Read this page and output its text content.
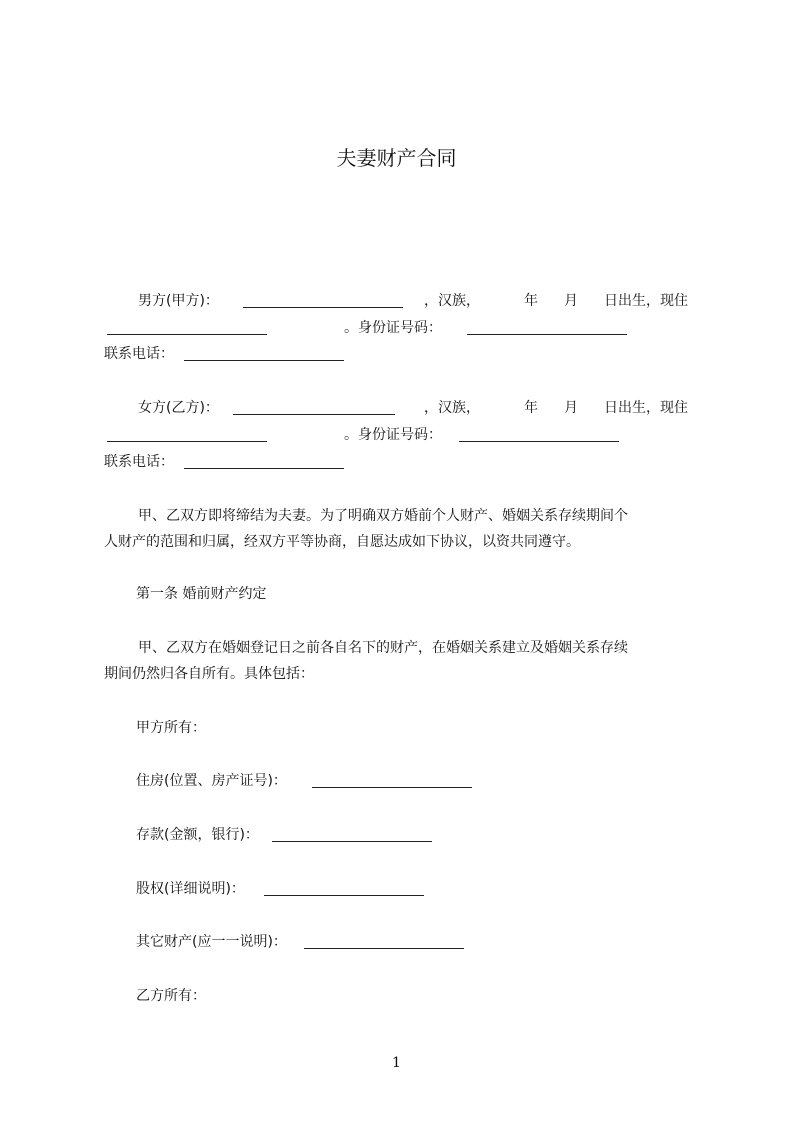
夫妻财产合同
男方(甲方)：	，汉族，	年 月 日出生，现住
。身份证号码：
联系电话：
女方(乙方)：	，汉族，	年 月 日出生，现住
。身份证号码：
联系电话：
甲、乙双方即将缔结为夫妻。为了明确双方婚前个人财产、婚姻关系存续期间个
人财产的范围和归属，经双方平等协商，自愿达成如下协议，以资共同遵守。
第一条 婚前财产约定
甲、乙双方在婚姻登记日之前各自名下的财产，在婚姻关系建立及婚姻关系存续
期间仍然归各自所有。具体包括：
甲方所有：
住房(位置、房产证号)：
存款(金额，银行)：
股权(详细说明)：
其它财产(应一一说明)：
乙方所有：
1
